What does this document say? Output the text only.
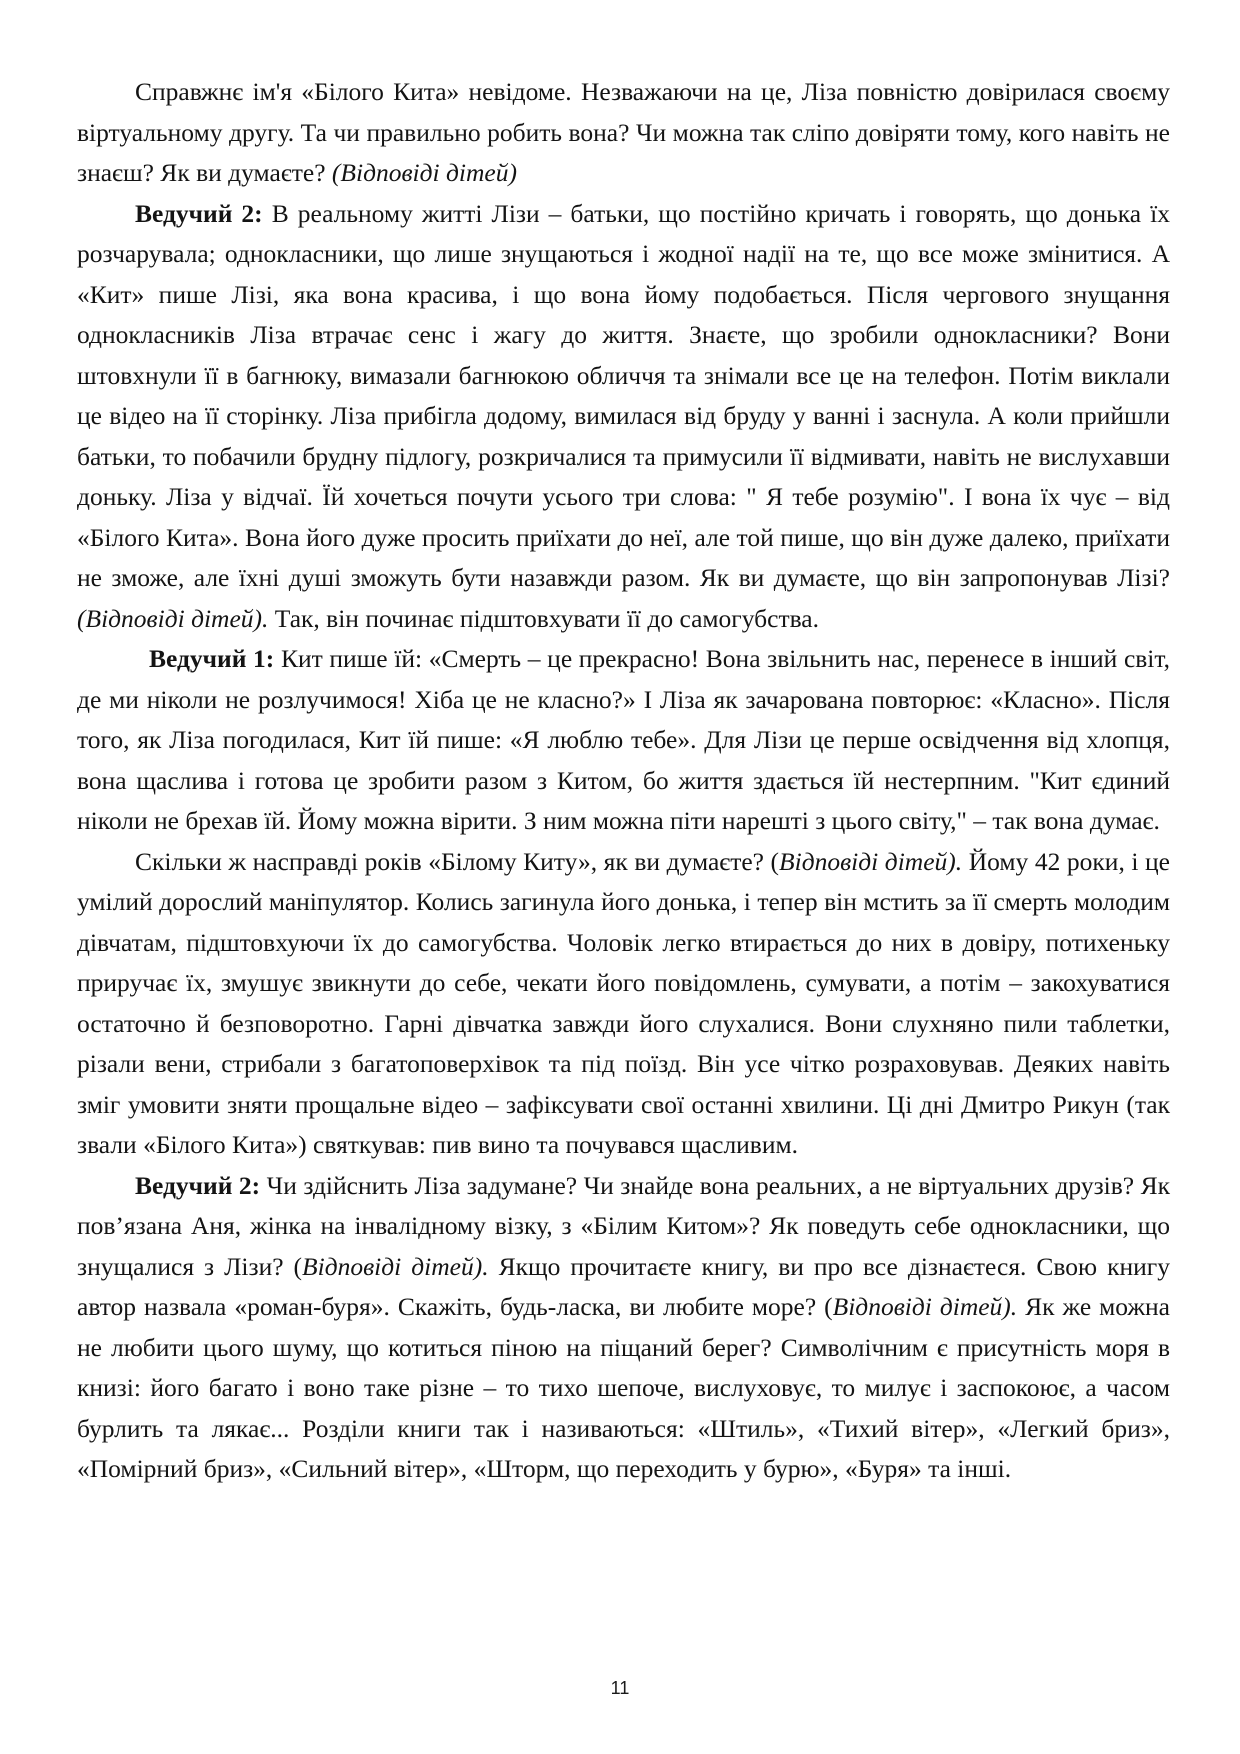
Справжнє ім'я «Білого Кита» невідоме. Незважаючи на це, Ліза повністю довірилася своєму віртуальному другу. Та чи правильно робить вона? Чи можна так сліпо довіряти тому, кого навіть не знаєш? Як ви думаєте? (Відповіді дітей)

Ведучий 2: В реальному житті Лізи – батьки, що постійно кричать і говорять, що донька їх розчарувала; однокласники, що лише знущаються і жодної надії на те, що все може змінитися. А «Кит» пише Лізі, яка вона красива, і що вона йому подобається. Після чергового знущання однокласників Ліза втрачає сенс і жагу до життя. Знаєте, що зробили однокласники? Вони штовхнули її в багнюку, вимазали багнюкою обличчя та знімали все це на телефон. Потім виклали це відео на її сторінку. Ліза прибігла додому, вимилася від бруду у ванні і заснула. А коли прийшли батьки, то побачили брудну підлогу, розкричалися та примусили її відмивати, навіть не вислухавши доньку. Ліза у відчаї. Їй хочеться почути усього три слова: " Я тебе розумію". І вона їх чує – від «Білого Кита». Вона його дуже просить приїхати до неї, але той пише, що він дуже далеко, приїхати не зможе, але їхні душі зможуть бути назавжди разом. Як ви думаєте, що він запропонував Лізі? (Відповіді дітей). Так, він починає підштовхувати її до самогубства.

Ведучий 1: Кит пише їй: «Смерть – це прекрасно! Вона звільнить нас, перенесе в інший світ, де ми ніколи не розлучимося! Хіба це не класно?» І Ліза як зачарована повторює: «Класно». Після того, як Ліза погодилася, Кит їй пише: «Я люблю тебе». Для Лізи це перше освідчення від хлопця, вона щаслива і готова це зробити разом з Китом, бо життя здається їй нестерпним. "Кит єдиний ніколи не брехав їй. Йому можна вірити. З ним можна піти нарешті з цього світу," – так вона думає.

Скільки ж насправді років «Білому Киту», як ви думаєте? (Відповіді дітей). Йому 42 роки, і це умілий дорослий маніпулятор. Колись загинула його донька, і тепер він мстить за її смерть молодим дівчатам, підштовхуючи їх до самогубства. Чоловік легко втирається до них в довіру, потихеньку приручає їх, змушує звикнути до себе, чекати його повідомлень, сумувати, а потім – закохуватися остаточно й безповоротно. Гарні дівчатка завжди його слухалися. Вони слухняно пили таблетки, різали вени, стрибали з багатоповерхівок та під поїзд. Він усе чітко розраховував. Деяких навіть зміг умовити зняти прощальне відео – зафіксувати свої останні хвилини. Ці дні Дмитро Рикун (так звали «Білого Кита») святкував: пив вино та почувався щасливим.

Ведучий 2: Чи здійснить Ліза задумане? Чи знайде вона реальних, а не віртуальних друзів? Як пов’язана Аня, жінка на інвалідному візку, з «Білим Китом»? Як поведуть себе однокласники, що знущалися з Лізи? (Відповіді дітей). Якщо прочитаєте книгу, ви про все дізнаєтеся. Свою книгу автор назвала «роман-буря». Скажіть, будь-ласка, ви любите море? (Відповіді дітей). Як же можна не любити цього шуму, що котиться піною на піщаний берег? Символічним є присутність моря в книзі: його багато і воно таке різне – то тихо шепоче, вислуховує, то милує і заспокоює, а часом бурлить та лякає... Розділи книги так і називаються: «Штиль», «Тихий вітер», «Легкий бриз», «Помірний бриз», «Сильний вітер», «Шторм, що переходить у бурю», «Буря» та інші.

11
